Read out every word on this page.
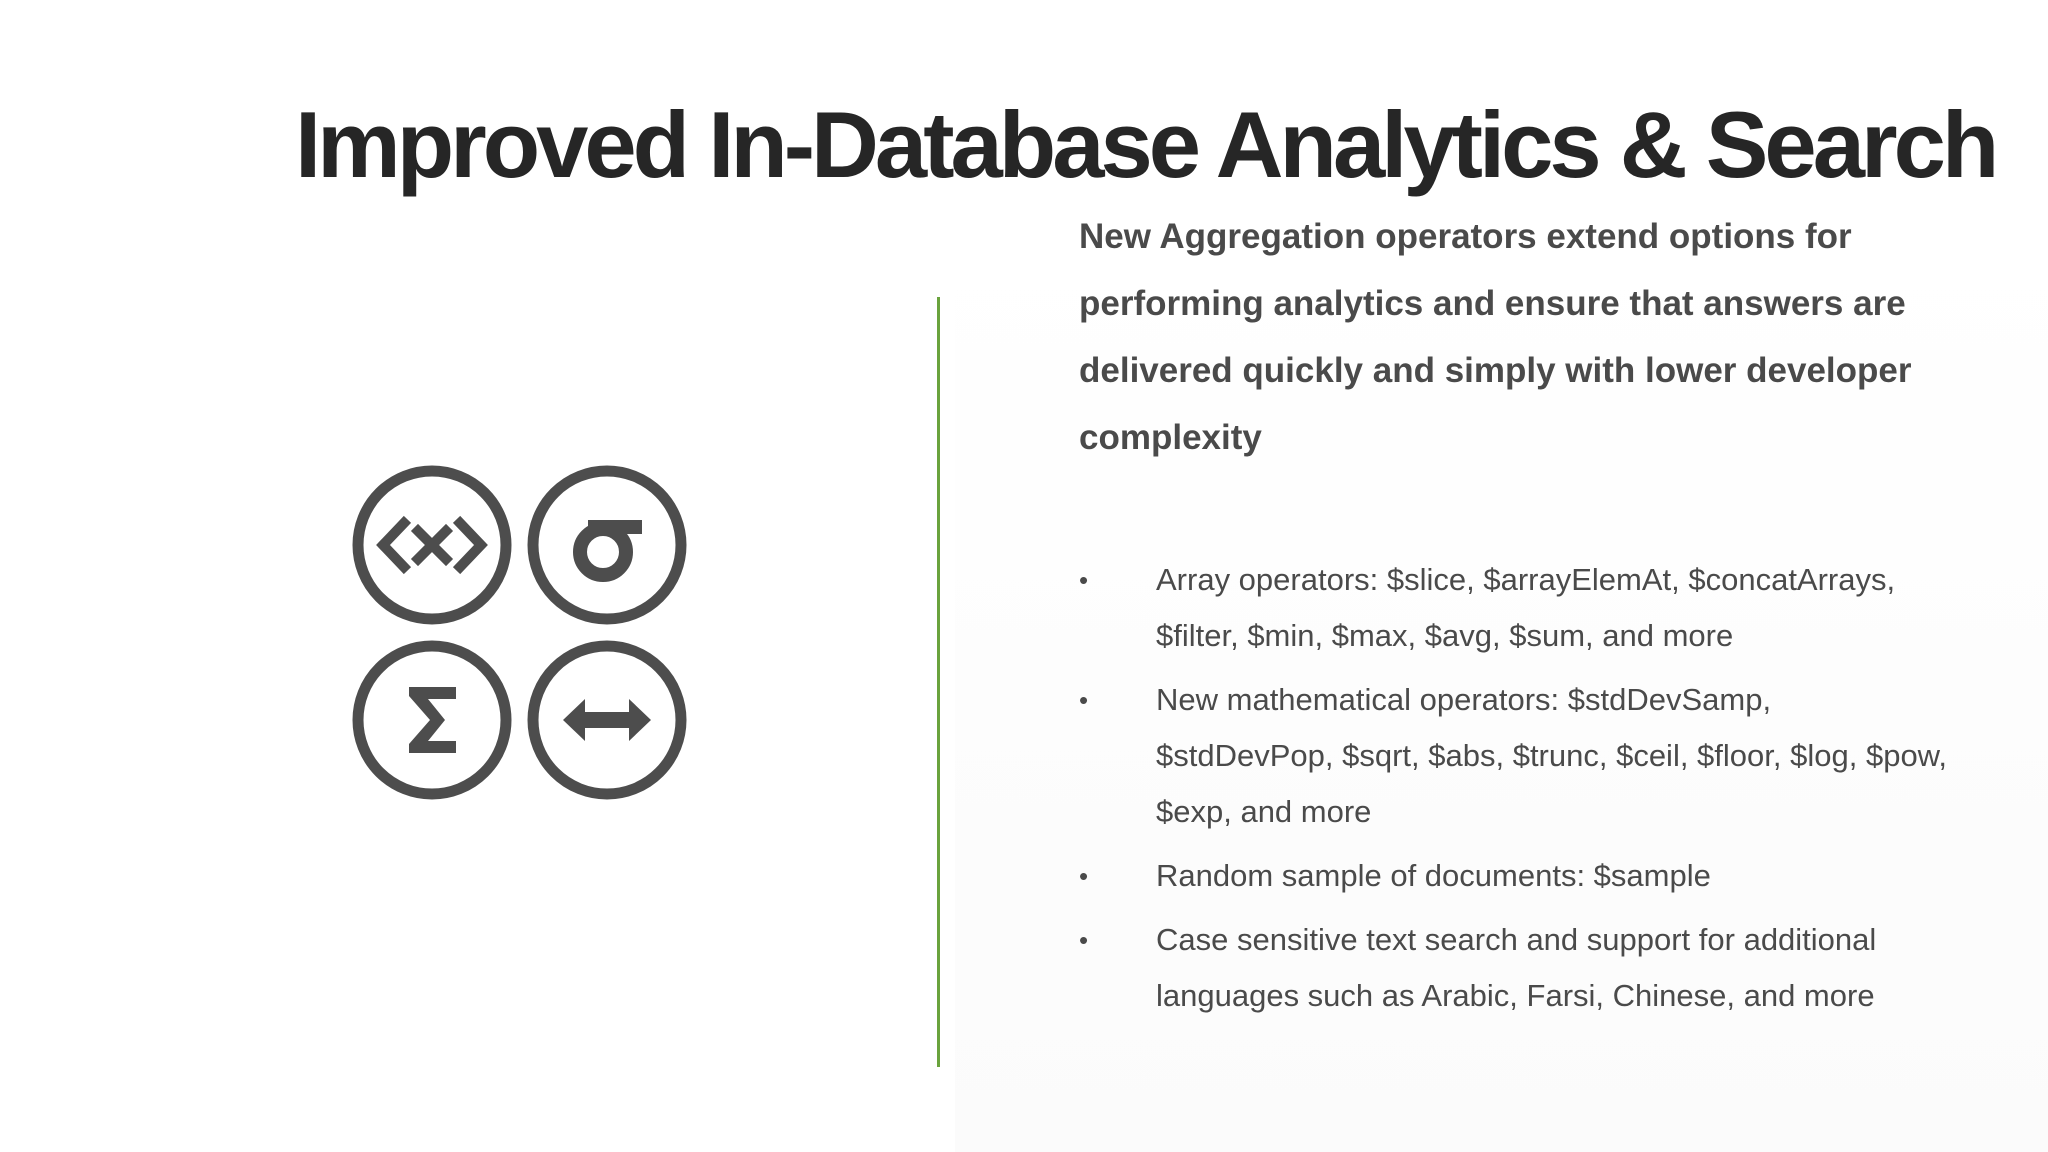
Improved In-Database Analytics & Search

New Aggregation operators extend options for performing analytics and ensure that answers are delivered quickly and simply with lower developer complexity

• Array operators: $slice, $arrayElemAt, $concatArrays, $filter, $min, $max, $avg, $sum, and more
• New mathematical operators: $stdDevSamp, $stdDevPop, $sqrt, $abs, $trunc, $ceil, $floor, $log, $pow, $exp, and more
• Random sample of documents: $sample
• Case sensitive text search and support for additional languages such as Arabic, Farsi, Chinese, and more
